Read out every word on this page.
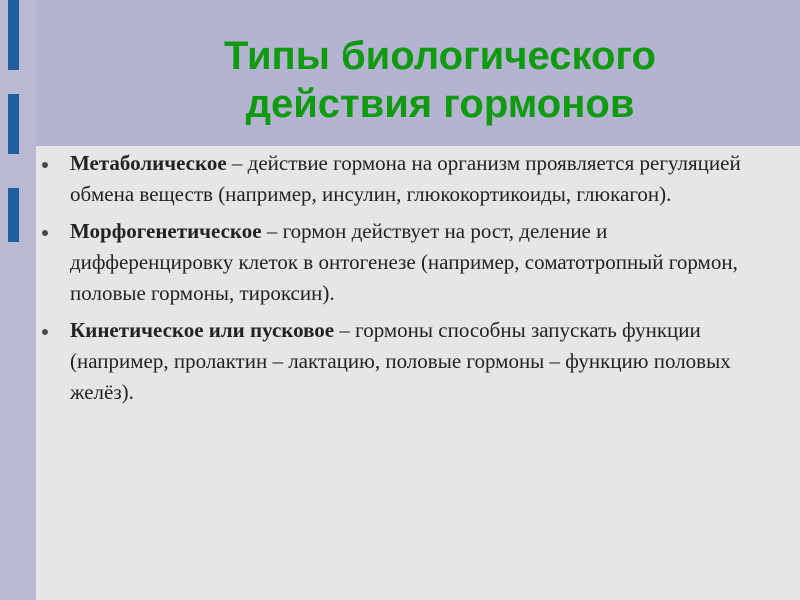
Типы биологического
действия гормонов
Метаболическое – действие гормона на организм проявляется регуляцией обмена веществ (например, инсулин, глюкокортикоиды, глюкагон).
Морфогенетическое – гормон действует на рост, деление и дифференцировку клеток в онтогенезе (например, соматотропный гормон, половые гормоны, тироксин).
Кинетическое или пусковое – гормоны способны запускать функции (например, пролактин – лактацию, половые гормоны – функцию половых желёз).
